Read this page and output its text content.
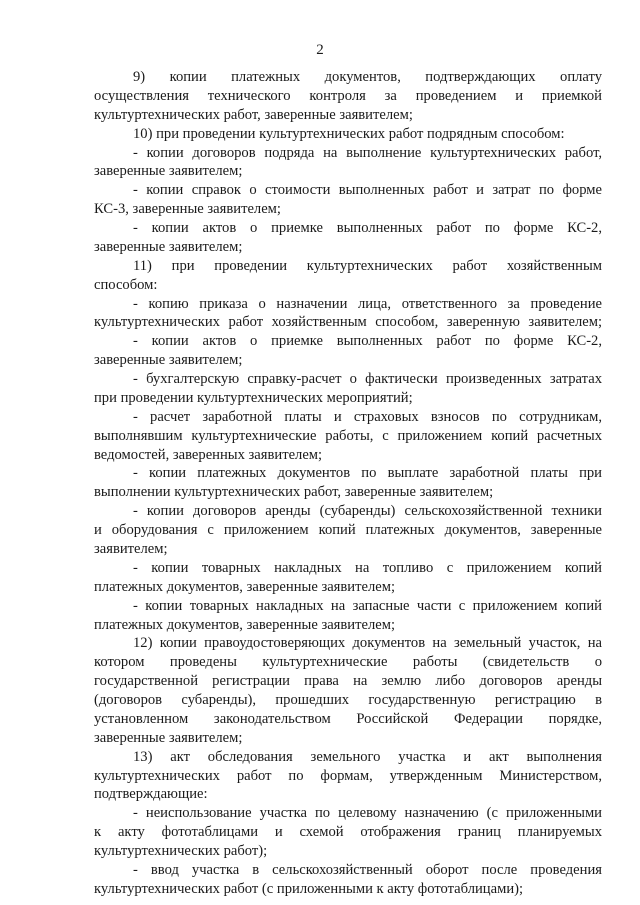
2
9) копии платежных документов, подтверждающих оплату
осуществления технического контроля за проведением и приемкой
культуртехнических работ, заверенные заявителем;
10) при проведении культуртехнических работ подрядным способом:
- копии договоров подряда на выполнение культуртехнических работ,
заверенные заявителем;
- копии справок о стоимости выполненных работ и затрат по форме
КС-3, заверенные заявителем;
- копии актов о приемке выполненных работ по форме КС-2,
заверенные заявителем;
11) при проведении культуртехнических работ хозяйственным
способом:
- копию приказа о назначении лица, ответственного за проведение
культуртехнических работ хозяйственным способом, заверенную заявителем;
- копии актов о приемке выполненных работ по форме КС-2,
заверенные заявителем;
- бухгалтерскую справку-расчет о фактически произведенных затратах
при проведении культуртехнических мероприятий;
- расчет заработной платы и страховых взносов по сотрудникам,
выполнявшим культуртехнические работы, с приложением копий расчетных
ведомостей, заверенных заявителем;
- копии платежных документов по выплате заработной платы при
выполнении культуртехнических работ, заверенные заявителем;
- копии договоров аренды (субаренды) сельскохозяйственной техники
и оборудования с приложением копий платежных документов, заверенные
заявителем;
- копии товарных накладных на топливо с приложением копий
платежных документов, заверенные заявителем;
- копии товарных накладных на запасные части с приложением копий
платежных документов, заверенные заявителем;
12) копии правоудостоверяющих документов на земельный участок, на
котором проведены культуртехнические работы (свидетельств о
государственной регистрации права на землю либо договоров аренды
(договоров субаренды), прошедших государственную регистрацию в
установленном законодательством Российской Федерации порядке,
заверенные заявителем;
13) акт обследования земельного участка и акт выполнения
культуртехнических работ по формам, утвержденным Министерством,
подтверждающие:
- неиспользование участка по целевому назначению (с приложенными
к акту фототаблицами и схемой отображения границ планируемых
культуртехнических работ);
- ввод участка в сельскохозяйственный оборот после проведения
культуртехнических работ (с приложенными к акту фототаблицами);
